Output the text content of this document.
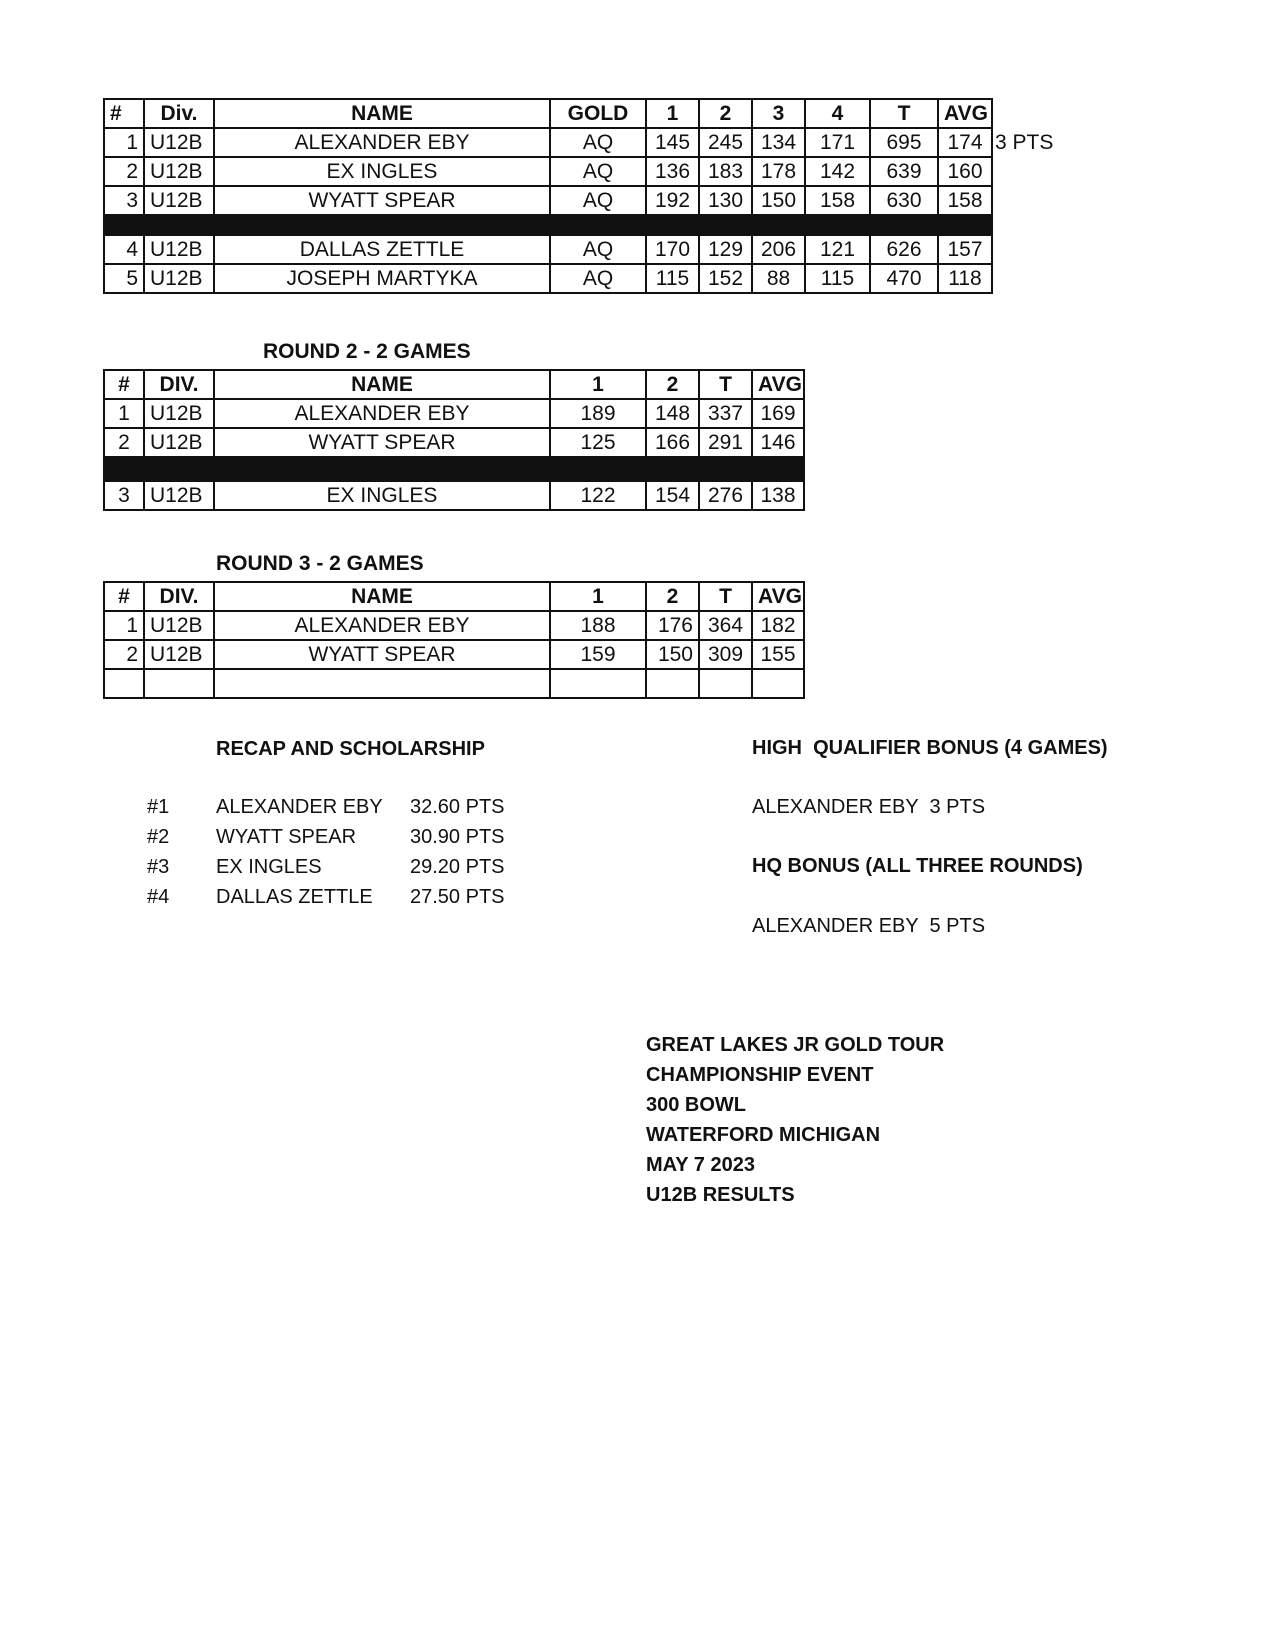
#	Div.	NAME	GOLD	1	2	3	4	T	AVG
1	U12B	ALEXANDER EBY	AQ	145	245	134	171	695	174
2	U12B	EX INGLES	AQ	136	183	178	142	639	160
3	U12B	WYATT SPEAR	AQ	192	130	150	158	630	158

4	U12B	DALLAS ZETTLE	AQ	170	129	206	121	626	157
5	U12B	JOSEPH MARTYKA	AQ	115	152	88	115	470	118
3 PTS
ROUND 2 - 2 GAMES
#	DIV.	NAME	1	2	T	AVG
1	U12B	ALEXANDER EBY	189	148	337	169
2	U12B	WYATT SPEAR	125	166	291	146

3	U12B	EX INGLES	122	154	276	138
ROUND 3 - 2 GAMES
#	DIV.	NAME	1	2	T	AVG
1	U12B	ALEXANDER EBY	188	176	364	182
2	U12B	WYATT SPEAR	159	150	309	155

RECAP AND SCHOLARSHIP
#1 ALEXANDER EBY 32.60 PTS
#2 WYATT SPEAR	30.90 PTS
#3 EX INGLES	29.20 PTS
#4 DALLAS ZETTLE 27.50 PTS
HIGH  QUALIFIER BONUS (4 GAMES)
ALEXANDER EBY  3 PTS
HQ BONUS (ALL THREE ROUNDS)
ALEXANDER EBY  5 PTS
GREAT LAKES JR GOLD TOUR
CHAMPIONSHIP EVENT
300 BOWL
WATERFORD MICHIGAN
MAY 7 2023
U12B RESULTS
